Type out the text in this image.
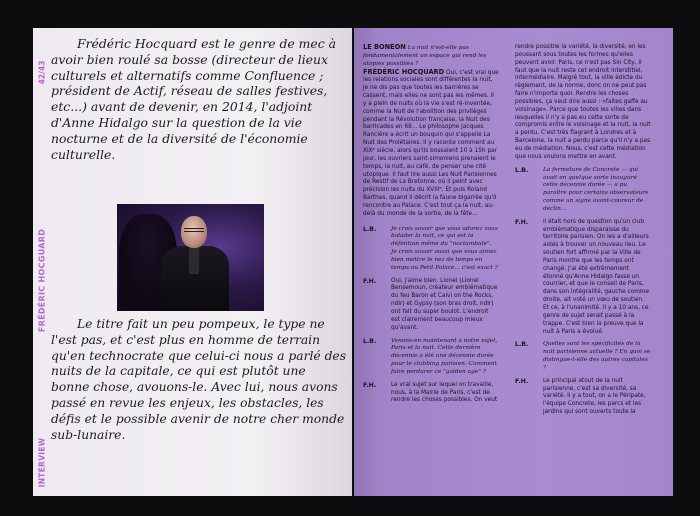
42/43
FRÉDÉRIC HOCGUARD
INTERVIEW

Frédéric Hocquard est le genre de mec à avoir bien roulé sa bosse (directeur de lieux culturels et alternatifs comme Confluence ; président de Actif, réseau de salles festives, etc...) avant de devenir, en 2014, l'adjoint d'Anne Hidalgo sur la question de la vie nocturne et de la diversité de l'économie culturelle.

Le titre fait un peu pompeux, le type ne l'est pas, et c'est plus en homme de terrain qu'en technocrate que celui-ci nous a parlé des nuits de la capitale, ce qui est plutôt une bonne chose, avouons-le. Avec lui, nous avons passé en revue les enjeux, les obstacles, les défis et le possible avenir de notre cher monde sub-lunaire.

LE BONEON La nuit n'est-elle pas fondamentalement un espace qui rend les utopies possibles ?
FRÉDÉRIC HOCQUARD Oui, c'est vrai que les relations sociales sont différentes la nuit, je ne dis pas que toutes les barrières se cassent, mais elles ne sont pas les mêmes. Il y a plein de nuits où la vie s'est ré-inventée, comme la Nuit de l'abolition des privilèges pendant la Révolution française, la Nuit des barricades en 68... Le philosophe Jacques Rancière a écrit un bouquin qui s'appelle La Nuit des Prolétaires. Il y raconte comment au XIXᵉ siècle, alors qu'ils bossaient 10 à 15h par jour, les ouvriers saint-simoniens prenaient le temps, la nuit, au café, de penser une cité utopique. Il faut lire aussi Les Nuit Parisiennes de Restif de La Bretonne, où il peint avec précision les nuits du XVIIIᵉ. Et puis Roland Barthes, quand il décrit la faune bigarrée qu'il rencontre au Palace. C'est tout ça la nuit, au-delà du monde de la sortie, de la fête...
L.B.	Je crois savoir que vous adorez vous balader la nuit, ce qui est la définition même du "noctambule". Je crois savoir aussi que vous aimez bien mettre le nez de temps en temps au Petit Palace... c'est exact ?
F.H.	Oui, j'aime bien. Lionel (Lionel Bensemoun, créateur emblématique du feu Baron et Calvi on the Rocks, ndlr) et Gypsy (son bras droit, ndlr) ont fait du super boulot. L'endroit est clairement beaucoup mieux qu'avant.
L.B.	Venons-en maintenant à notre sujet, Paris et la nuit. Cette dernière décennie a été une décennie dorée pour le clubbing parisien. Comment faire perdurer ce "golden age" ?
F.H.	Le vrai sujet sur lequel on travaille, nous, à la Mairie de Paris, c'est de rendre les choses possibles. On veut

rendre possible la variété, la diversité, en les poussant sous toutes les formes qu'elles peuvent avoir. Paris, ce n'est pas Sin City, il faut que la nuit reste cet endroit interstitiel, intermédiaire. Malgré tout, la ville édicte du règlement, de la norme, donc on ne peut pas faire n'importe quoi. Rendre les choses possibles, ça veut dire aussi : «faites gaffe au voisinage». Parce que toutes les villes dans lesquelles il n'y a pas eu cette sorte de compromis entre le voisinage et la nuit, la nuit a perdu. C'est très flagrant à Londres et à Barcelone, la nuit a perdu parce qu'il n'y a pas eu de médiation. Nous, c'est cette médiation que nous voulons mettre en avant.

L.B.	La fermeture de Concrete — qui avait en quelque sorte inauguré cette décennie dorée — a pu paraître pour certains observateurs comme un signe avant-coureur de déclin...
F.H.	Il était hors de question qu'un club emblématique disparaisse du territoire parisien. On les a d'ailleurs aidés à trouver un nouveau lieu. Le soutien fort affirmé par la Ville de Paris montre que les temps ont changé. J'ai été extrêmement étonné qu'Anne Hidalgo fasse un courrier, et que le conseil de Paris, dans son intégralité, gauche comme droite, ait voté un vœu de soutien. Et ce, à l'unanimité. Il y a 10 ans, ce genre de sujet serait passé à la trappe. C'est bien la preuve que la nuit à Paris a évolué.
L.B.	Quelles sont les spécificités de la nuit parisienne actuelle ? En quoi se distingue-t-elle des autres capitales ?
F.H.	Le principal atout de la nuit parisienne, c'est sa diversité, sa variété. Il y a tout, on a le Péripate, l'équipe Concrete, les parcs et les jardins qui sont ouverts toute la
